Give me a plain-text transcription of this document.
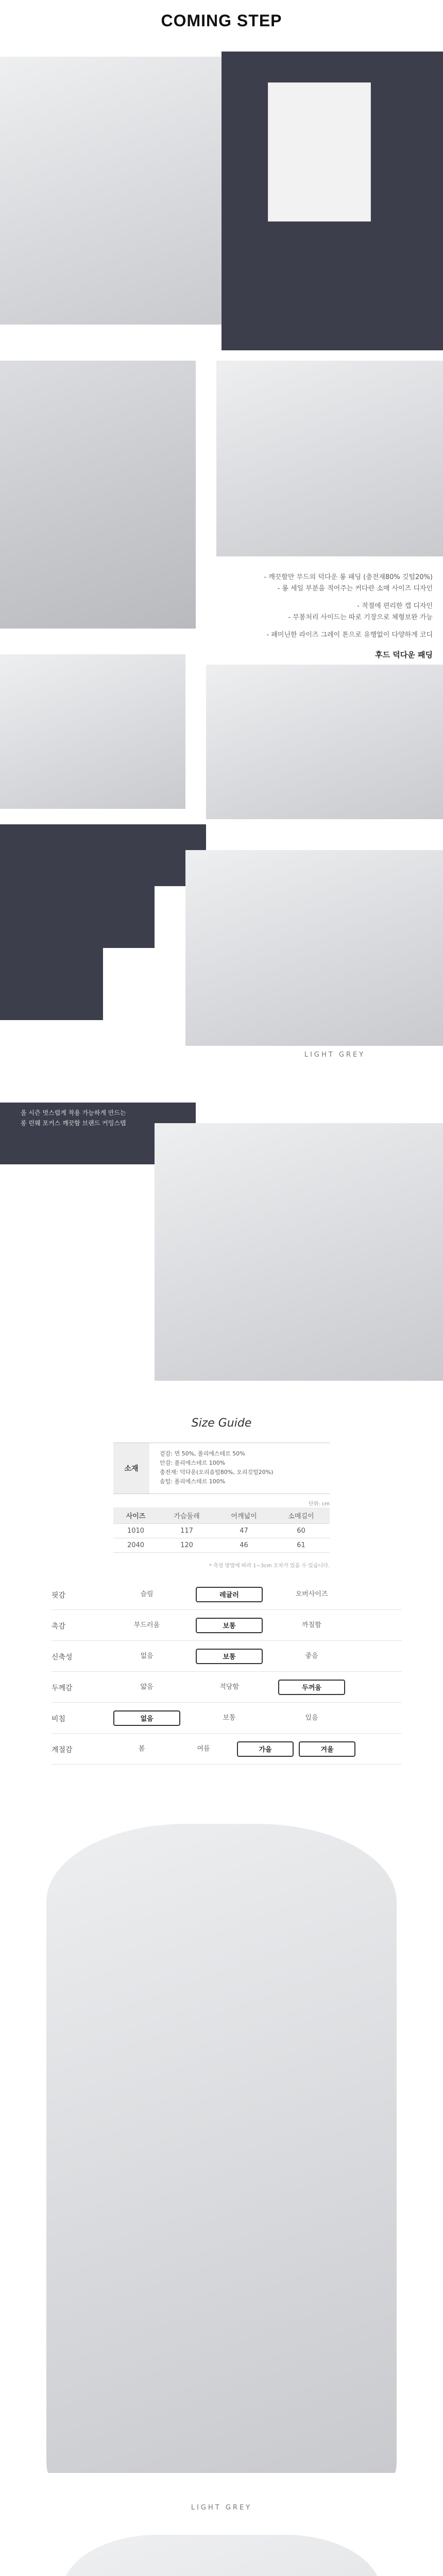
COMING STEP

- 깨끗함만 무드의 덕다운 롱 패딩 (충전재80% 깃털20%)

- 롱 세일 부분을 적어주는 커다란 소매 사이즈 디자인

- 적절에 편리한 캡 디자인

- 무봉처리 사이드는 따로 기장으로 체형보완 가능

- 패미닌한 라이즈 그레이 톤으로 유행없이 다양하게 코디

후드 덕다운 패딩

LIGHT GREY

올 시즌 멋스럽게 착용 가능하게 만드는

롱 런웨 포커스 깨끗함 브랜드 커밍스텝

Size Guide
소재

겉감: 면 50%, 폴리에스테르 50%

안감: 폴리에스테르 100%

충전재: 덕다운(오리솜털80%, 오리깃털20%)

솜털: 폴리에스테르 100%

단위: cm
사이즈	가슴둘레	어깨넓이	소매길이
1010	117	47	60
2040	120	46	61
* 측정 방법에 따라 1~3cm 오차가 있을 수 있습니다.
핏감	슬림	레귤러	오버사이즈
촉감	부드러움	보통	까칠함
신축성	없음	보통	좋음
두께감	얇음	적당함	두꺼움
비침	없음	보통	있음
계절감	봄	여름	가을	겨울
LIGHT GREY
